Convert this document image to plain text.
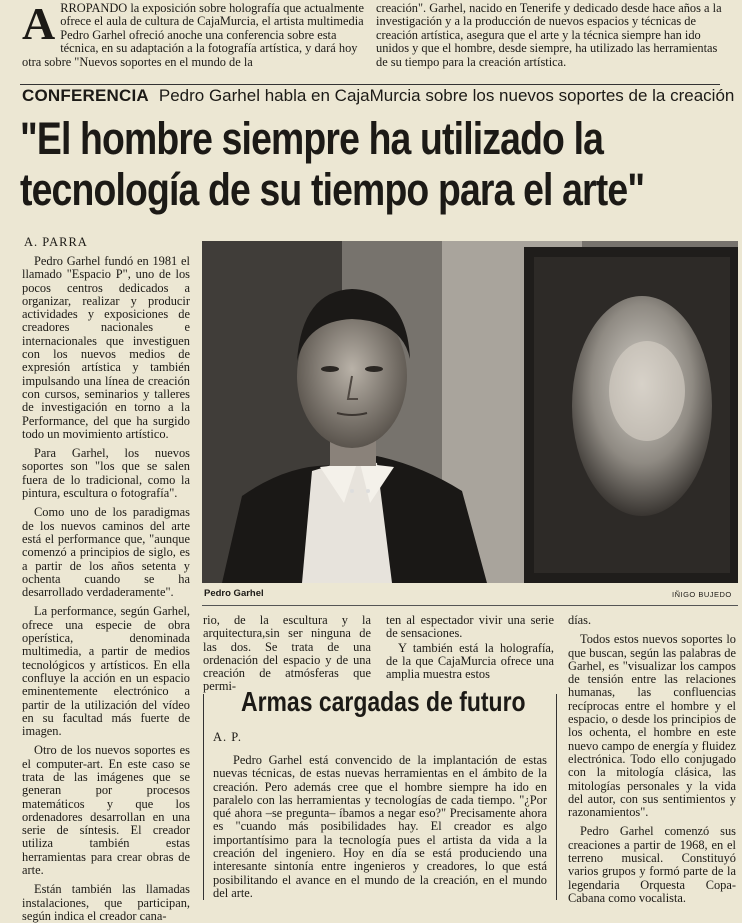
A RROPANDO la exposición sobre holografía que actualmente ofrece el aula de cultura de CajaMurcia, el artista multimedia Pedro Garhel ofreció anoche una conferencia sobre esta técnica, en su adaptación a la fotografía artística, y dará hoy otra sobre "Nuevos soportes en el mundo de la
creación". Garhel, nacido en Tenerife y dedicado desde hace años a la investigación y a la producción de nuevos espacios y técnicas de creación artística, asegura que el arte y la técnica siempre han ido unidos y que el hombre, desde siempre, ha utilizado las herramientas de su tiempo para la creación artística.
CONFERENCIA Pedro Garhel habla en CajaMurcia sobre los nuevos soportes de la creación
"El hombre siempre ha utilizado la
tecnología de su tiempo para el arte"
A. PARRA
Pedro Garhel	IÑIGO BUJEDO

Pedro Garhel fundó en 1981 el llamado "Espacio P", uno de los pocos centros dedicados a organizar, realizar y producir actividades y exposiciones de creadores nacionales e internacionales que investiguen con los nuevos medios de expresión artística y también impulsando una línea de creación con cursos, seminarios y talleres de investigación en torno a la Performance, del que ha surgido todo un movimiento artístico.

Para Garhel, los nuevos soportes son "los que se salen fuera de lo tradicional, como la pintura, escultura o fotografía".

Como uno de los paradigmas de los nuevos caminos del arte está el performance que, "aunque comenzó a principios de siglo, es a partir de los años setenta y ochenta cuando se ha desarrollado verdaderamente".

La performance, según Garhel, ofrece una especie de obra operística, denominada multimedia, a partir de medios tecnológicos y artísticos. En ella confluye la acción en un espacio eminentemente electrónico a partir de la utilización del vídeo en su facultad más fuerte de imagen.

Otro de los nuevos soportes es el computer-art. En este caso se trata de las imágenes que se generan por procesos matemáticos y que los ordenadores desarrollan en una serie de síntesis. El creador utiliza también estas herramientas para crear obras de arte.

Están también las llamadas instalaciones, que participan, según indica el creador cana-

rio, de la escultura y la arquitectura,sin ser ninguna de las dos. Se trata de una ordenación del espacio y de una creación de atmósferas que permi-

ten al espectador vivir una serie de sensaciones.

Y también está la holografía, de la que CajaMurcia ofrece una amplia muestra estos

días.

Todos estos nuevos soportes lo que buscan, según las palabras de Garhel, es "visualizar los campos de tensión entre las relaciones humanas, las confluencias recíprocas entre el hombre y el espacio, o desde los principios de los ochenta, el hombre en este nuevo campo de energía y fluidez electrónica. Todo ello conjugado con la mitología clásica, las mitologías personales y la vida del autor, con sus sentimientos y razonamientos".

Pedro Garhel comenzó sus creaciones a partir de 1968, en el terreno musical. Constituyó varios grupos y formó parte de la legendaria Orquesta Copa-Cabana como vocalista.

Armas cargadas de futuro
A. P.

Pedro Garhel está convencido de la implantación de estas nuevas técnicas, de estas nuevas herramientas en el ámbito de la creación. Pero además cree que el hombre siempre ha ido en paralelo con las herramientas y tecnologías de cada tiempo. "¿Por qué ahora –se pregunta– íbamos a negar eso?" Precisamente ahora es "cuando más posibilidades hay. El creador es algo importantísimo para la tecnología pues el artista da vida a la creación del ingeniero. Hoy en día se está produciendo una interesante sintonía entre ingenieros y creadores, lo que está posibilitando el avance en el mundo de la creación, en el mundo del arte.
